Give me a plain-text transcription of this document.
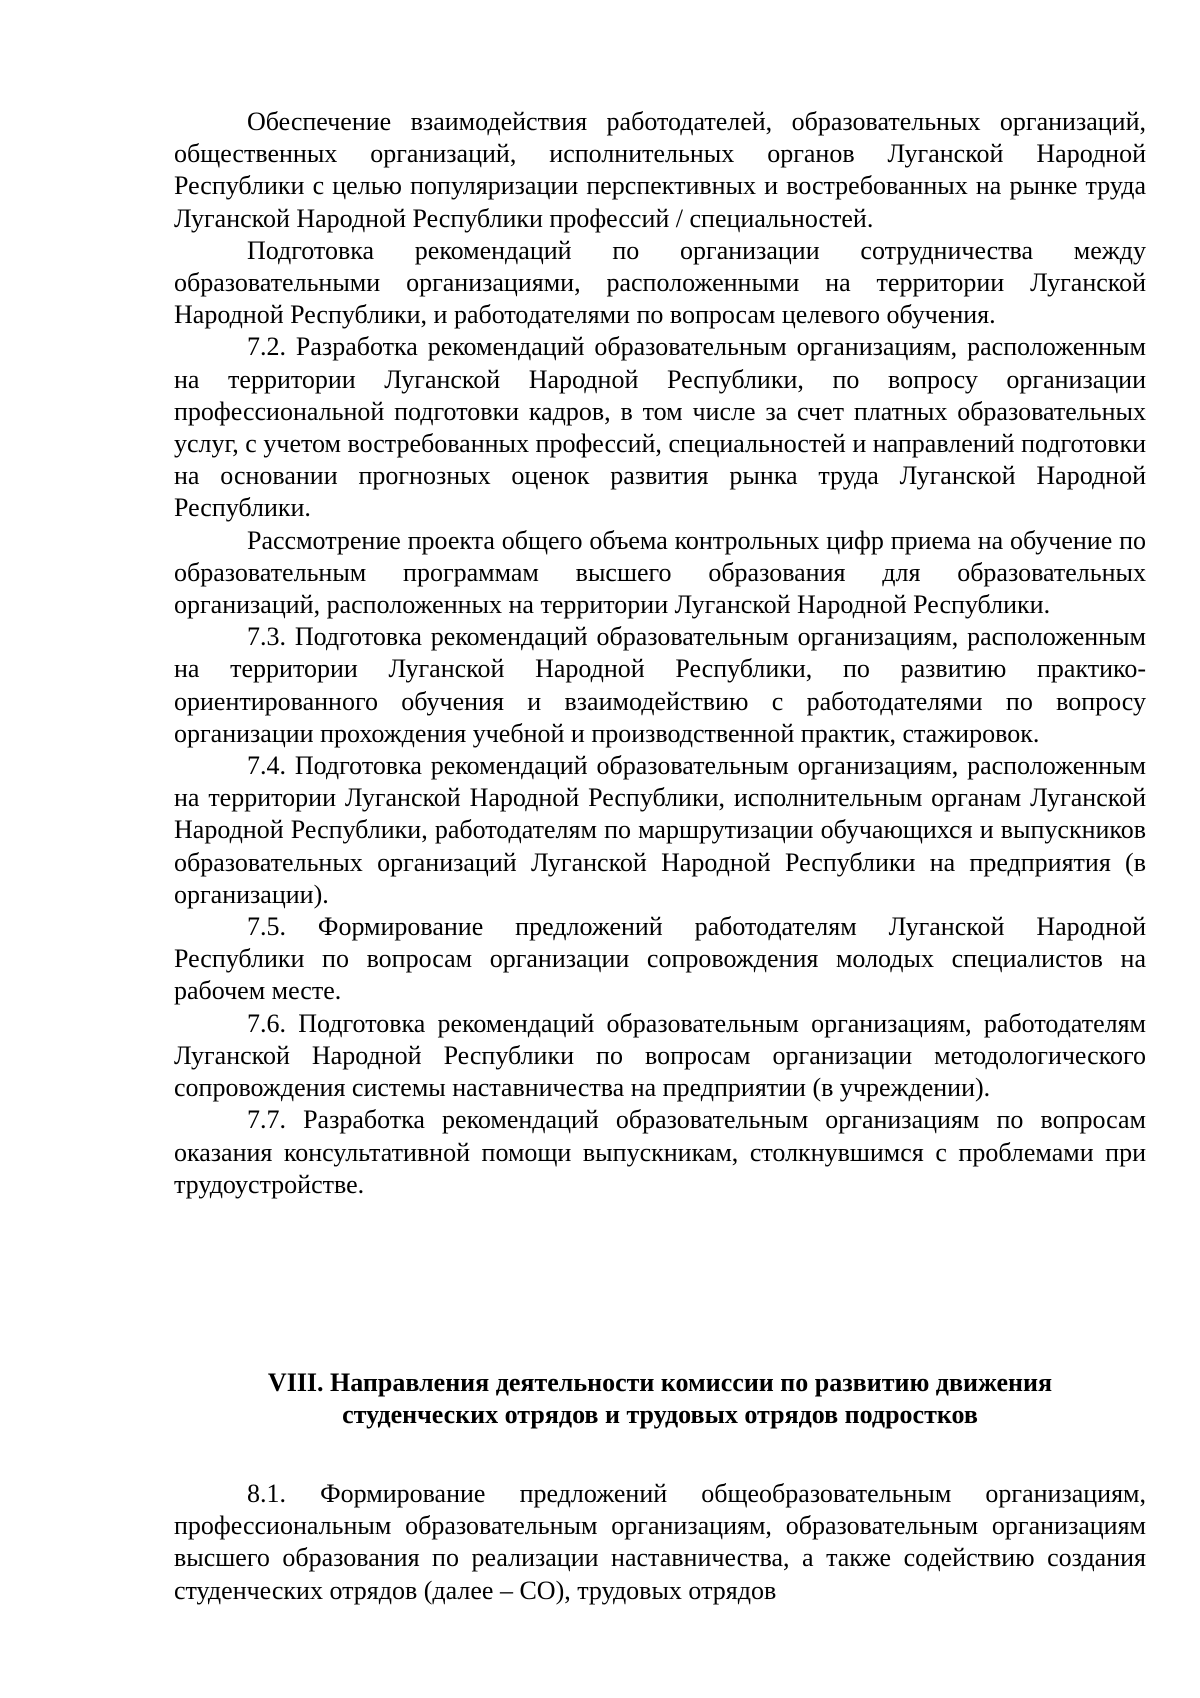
Обеспечение взаимодействия работодателей, образовательных организаций, общественных организаций, исполнительных органов Луганской Народной Республики с целью популяризации перспективных и востребованных на рынке труда Луганской Народной Республики профессий / специальностей.

Подготовка рекомендаций по организации сотрудничества между образовательными организациями, расположенными на территории Луганской Народной Республики, и работодателями по вопросам целевого обучения.

7.2. Разработка рекомендаций образовательным организациям, расположенным на территории Луганской Народной Республики, по вопросу организации профессиональной подготовки кадров, в том числе за счет платных образовательных услуг, с учетом востребованных профессий, специальностей и направлений подготовки на основании прогнозных оценок развития рынка труда Луганской Народной Республики.

Рассмотрение проекта общего объема контрольных цифр приема на обучение по образовательным программам высшего образования для образовательных организаций, расположенных на территории Луганской Народной Республики.

7.3. Подготовка рекомендаций образовательным организациям, расположенным на территории Луганской Народной Республики, по развитию практико-ориентированного обучения и взаимодействию с работодателями по вопросу организации прохождения учебной и производственной практик, стажировок.

7.4. Подготовка рекомендаций образовательным организациям, расположенным на территории Луганской Народной Республики, исполнительным органам Луганской Народной Республики, работодателям по маршрутизации обучающихся и выпускников образовательных организаций Луганской Народной Республики на предприятия (в организации).

7.5. Формирование предложений работодателям Луганской Народной Республики по вопросам организации сопровождения молодых специалистов на рабочем месте.

7.6. Подготовка рекомендаций образовательным организациям, работодателям Луганской Народной Республики по вопросам организации методологического сопровождения системы наставничества на предприятии (в учреждении).

7.7. Разработка рекомендаций образовательным организациям по вопросам оказания консультативной помощи выпускникам, столкнувшимся с проблемами при трудоустройстве.

VIII. Направления деятельности комиссии по развитию движения
студенческих отрядов и трудовых отрядов подростков

8.1. Формирование предложений общеобразовательным организациям, профессиональным образовательным организациям, образовательным организациям высшего образования по реализации наставничества, а также содействию создания студенческих отрядов (далее – СО), трудовых отрядов
